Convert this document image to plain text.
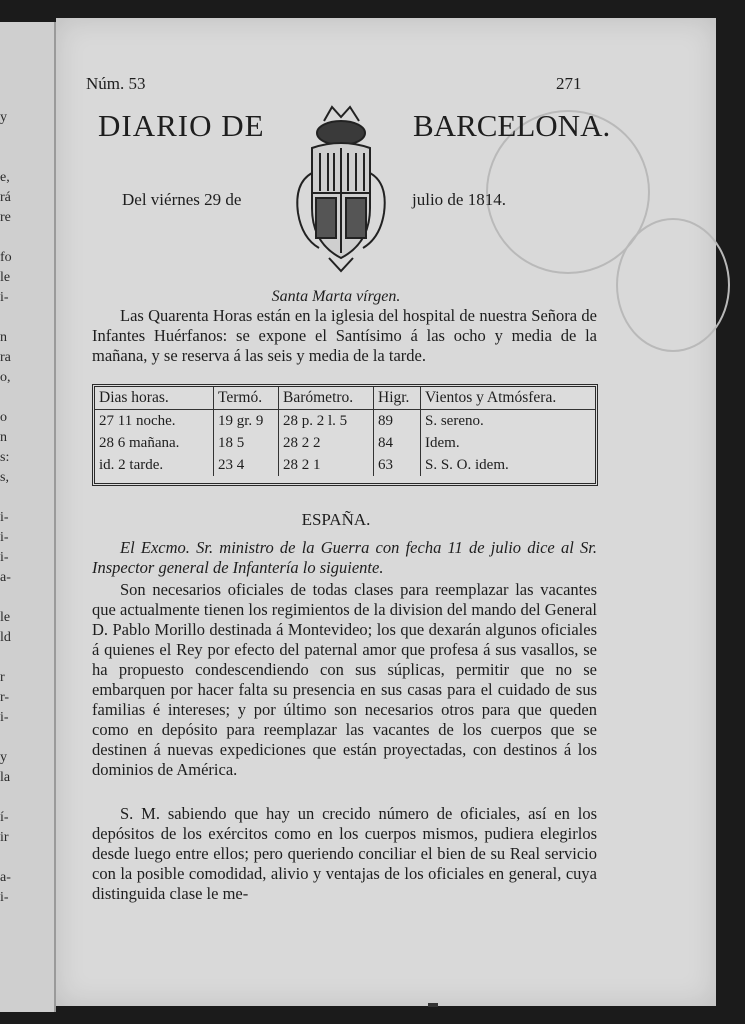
y
e,
rá
re
fo
le
i-
n
ra
o,
o
n
s:
s,
i-
i-
i-
a-
le
ld
r
r-
i-
y
la
í-
ir
a-
i-
Núm. 53	271
DIARIO DE	BARCELONA.
Del viérnes 29 de	julio de 1814.
Santa Marta vírgen.
Las Quarenta Horas están en la iglesia del hospital de nuestra Señora de Infantes Huérfanos: se expone el Santísimo á las ocho y media de la mañana, y se reserva á las seis y media de la tarde.
Dias horas.	Termó.	Barómetro.	Higr.	Vientos y Atmósfera.
27 11 noche.	19 gr. 9	28 p. 2 l. 5	89	S. sereno.
28 6 mañana.	18 5	28 2 2	84	Idem.
id. 2 tarde.	23 4	28 2 1	63	S. S. O. idem.
ESPAÑA.
El Excmo. Sr. ministro de la Guerra con fecha 11 de julio dice al Sr. Inspector general de Infantería lo siguiente.
Son necesarios oficiales de todas clases para reemplazar las vacantes que actualmente tienen los regimientos de la division del mando del General D. Pablo Morillo destinada á Montevideo; los que dexarán algunos oficiales á quienes el Rey por efecto del paternal amor que profesa á sus vasallos, se ha propuesto condescendiendo con sus súplicas, permitir que no se embarquen por hacer falta su presencia en sus casas para el cuidado de sus familias é intereses; y por último son necesarios otros para que queden como en depósito para reemplazar las vacantes de los cuerpos que se destinen á nuevas expediciones que están proyectadas, con destinos á los dominios de América.
S. M. sabiendo que hay un crecido número de oficiales, así en los depósitos de los exércitos como en los cuerpos mismos, pudiera elegirlos desde luego entre ellos; pero queriendo conciliar el bien de su Real servicio con la posible comodidad, alivio y ventajas de los oficiales en general, cuya distinguida clase le me-
